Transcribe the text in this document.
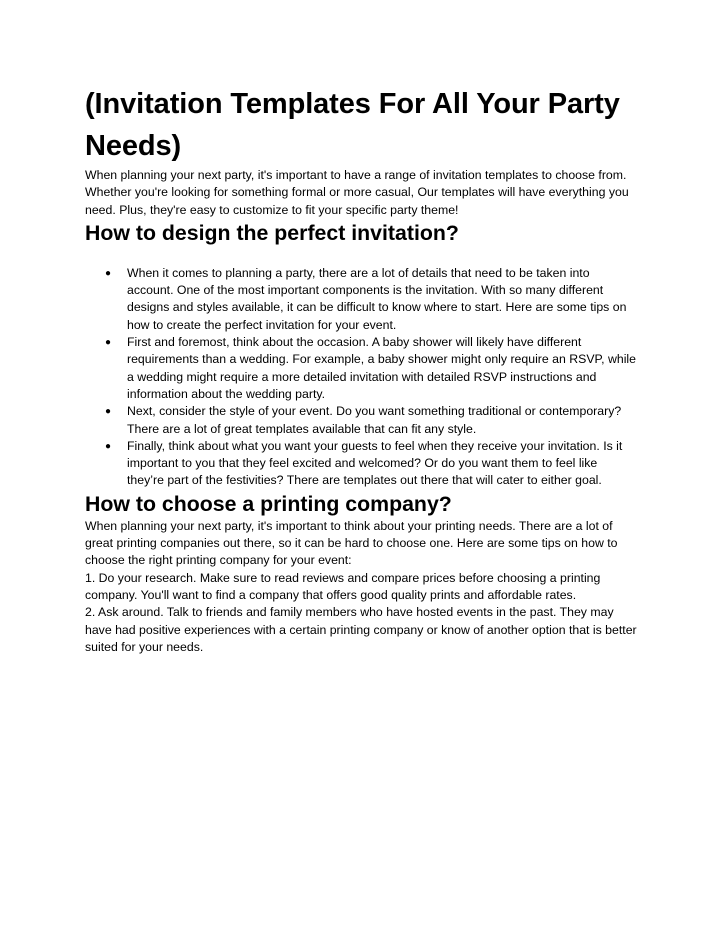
(Invitation Templates For All Your Party Needs)

When planning your next party, it's important to have a range of invitation templates to choose from. Whether you're looking for something formal or more casual, Our templates will have everything you need. Plus, they're easy to customize to fit your specific party theme!

How to design the perfect invitation?
● When it comes to planning a party, there are a lot of details that need to be taken into account. One of the most important components is the invitation. With so many different designs and styles available, it can be difficult to know where to start. Here are some tips on how to create the perfect invitation for your event.
● First and foremost, think about the occasion. A baby shower will likely have different requirements than a wedding. For example, a baby shower might only require an RSVP, while a wedding might require a more detailed invitation with detailed RSVP instructions and information about the wedding party.
● Next, consider the style of your event. Do you want something traditional or contemporary? There are a lot of great templates available that can fit any style.
● Finally, think about what you want your guests to feel when they receive your invitation. Is it important to you that they feel excited and welcomed? Or do you want them to feel like they’re part of the festivities? There are templates out there that will cater to either goal.
How to choose a printing company?

When planning your next party, it's important to think about your printing needs. There are a lot of great printing companies out there, so it can be hard to choose one. Here are some tips on how to choose the right printing company for your event:

1. Do your research. Make sure to read reviews and compare prices before choosing a printing company. You'll want to find a company that offers good quality prints and affordable rates.

2. Ask around. Talk to friends and family members who have hosted events in the past. They may have had positive experiences with a certain printing company or know of another option that is better suited for your needs.
